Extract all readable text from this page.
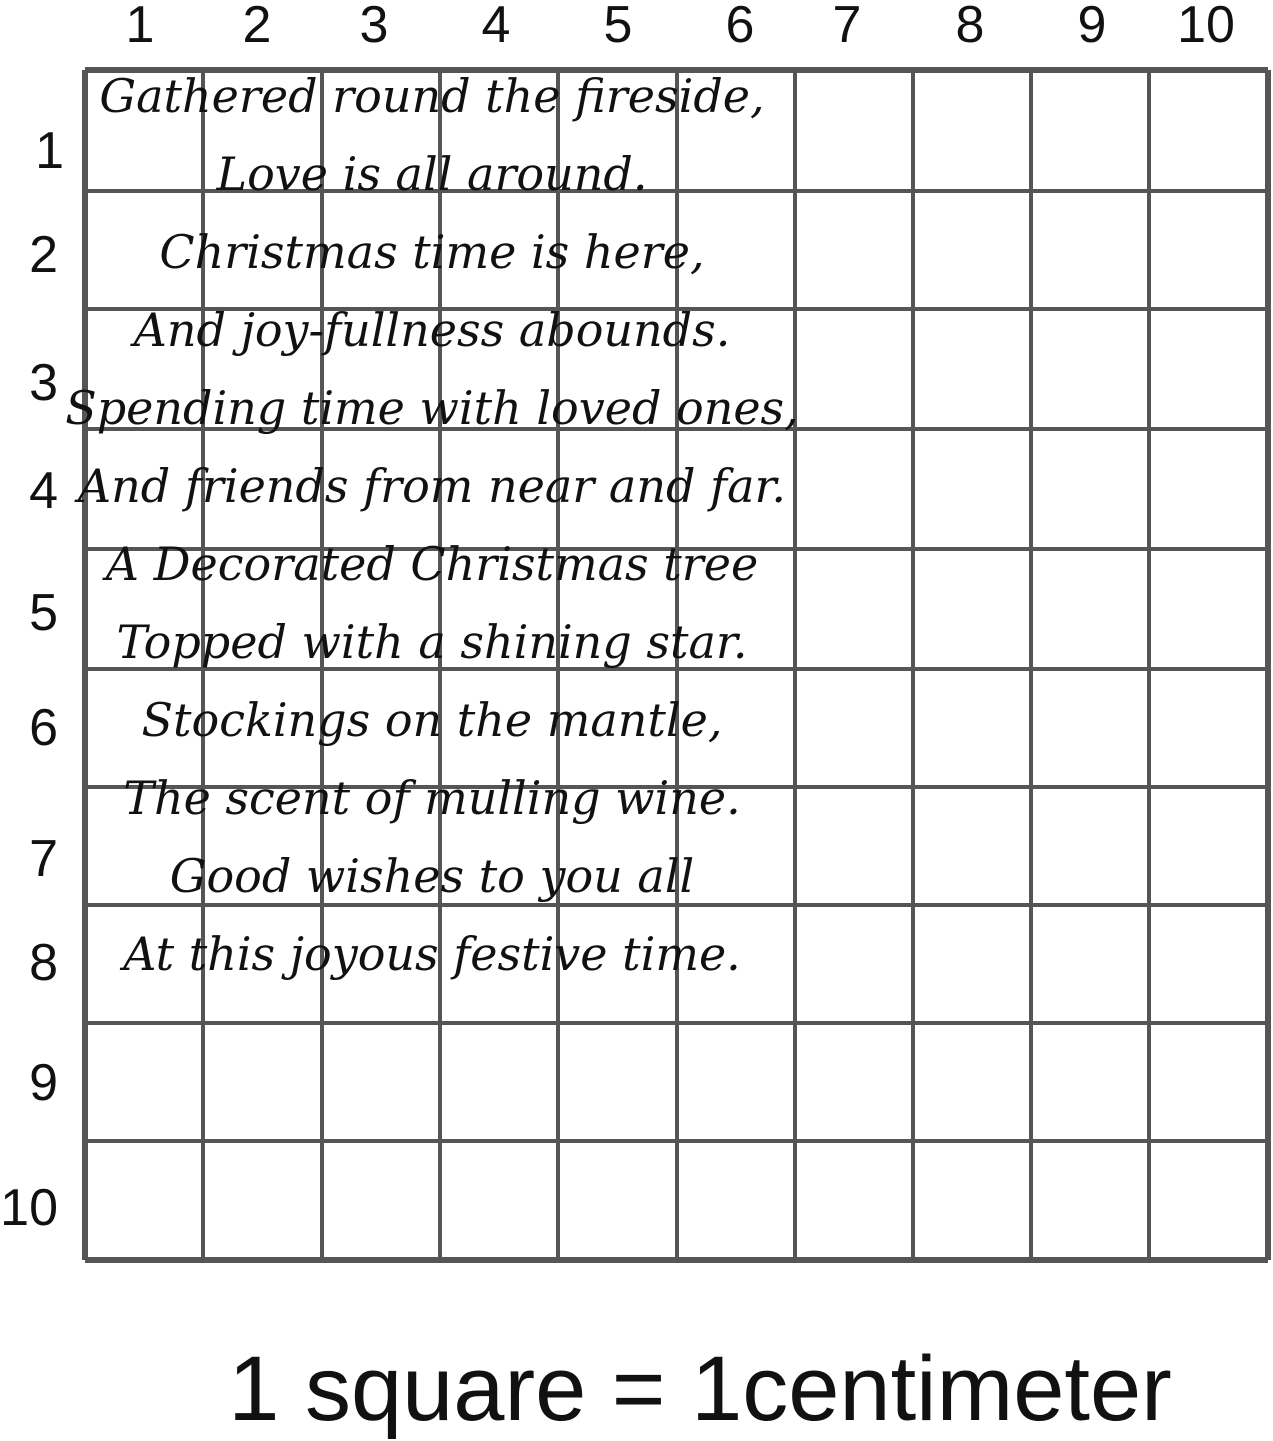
1 2 3 4 5 6 7 8 9 10
1
2
3
4
5
6
7
8
9
10
Gathered round the fireside,
Love is all around.
Christmas time is here,
And joy-fullness abounds.
Spending time with loved ones,
And friends from near and far.
A Decorated Christmas tree
Topped with a shining star.
Stockings on the mantle,
The scent of mulling wine.
Good wishes to you all
At this joyous festive time.
1 square = 1centimeter
